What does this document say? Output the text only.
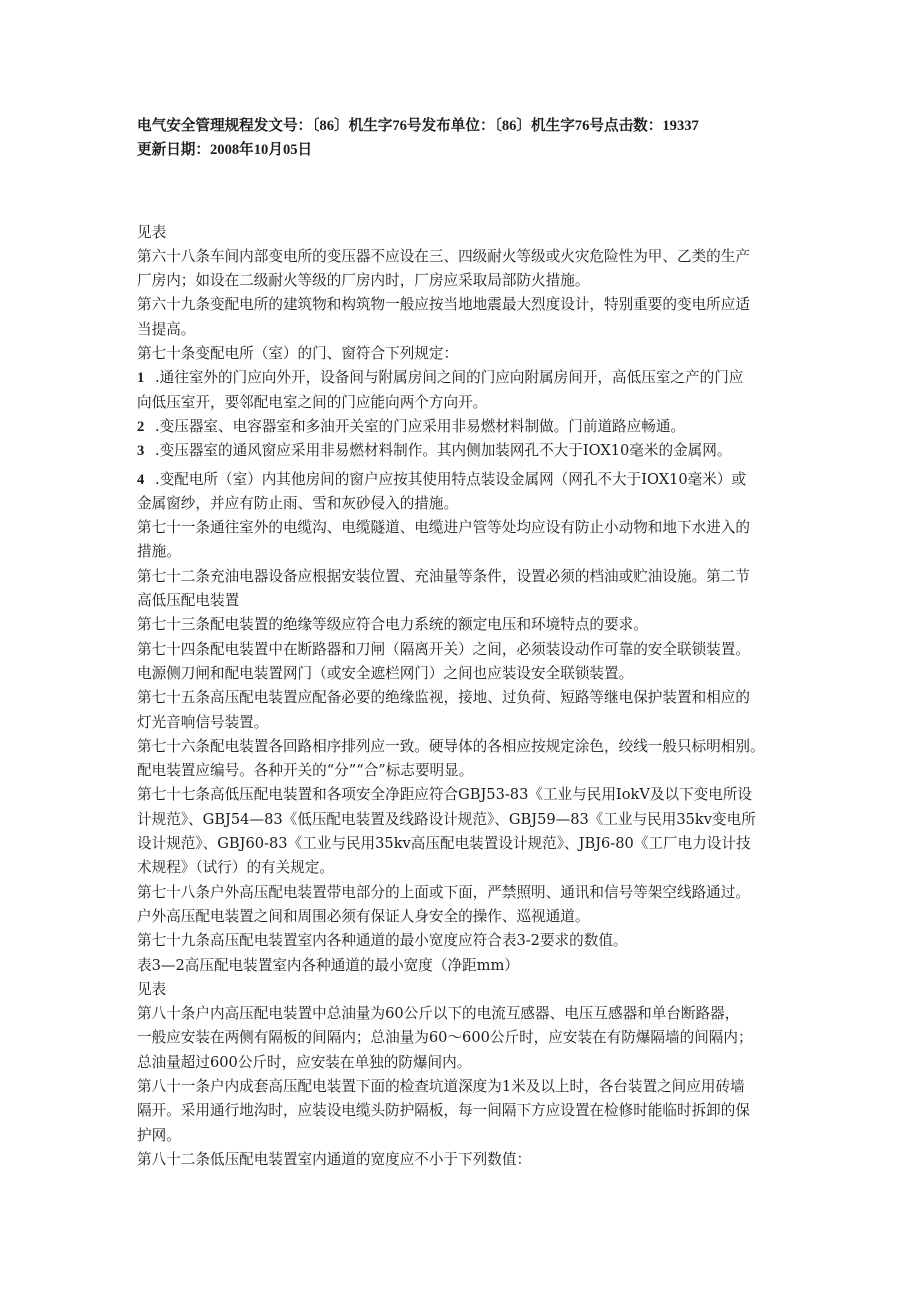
电气安全管理规程发文号：〔86〕机生字76号发布单位：〔86〕机生字76号点击数：19337
更新日期：2008年10月05日
见表
第六十八条车间内部变电所的变压器不应设在三、四级耐火等级或火灾危险性为甲、乙类的生产
厂房内；如设在二级耐火等级的厂房内时，厂房应采取局部防火措施。
第六十九条变配电所的建筑物和构筑物一般应按当地地震最大烈度设计，特别重要的变电所应适
当提高。
第七十条变配电所（室）的门、窗符合下列规定：
1 .通往室外的门应向外开，设备间与附属房间之间的门应向附属房间开，高低压室之产的门应
向低压室开，要邻配电室之间的门应能向两个方向开。
2 .变压器室、电容器室和多油开关室的门应采用非易燃材料制做。门前道路应畅通。
3 .变压器室的通风窗应采用非易燃材料制作。其内侧加装网孔不大于IOX10毫米的金属网。
4 .变配电所（室）内其他房间的窗户应按其使用特点装设金属网（网孔不大于IOX10毫米）或
金属窗纱，并应有防止雨、雪和灰砂侵入的措施。
第七十一条通往室外的电缆沟、电缆隧道、电缆进户管等处均应设有防止小动物和地下水进入的
措施。
第七十二条充油电器设备应根据安装位置、充油量等条件，设置必须的档油或贮油设施。第二节
高低压配电装置
第七十三条配电装置的绝缘等级应符合电力系统的额定电压和环境特点的要求。
第七十四条配电装置中在断路器和刀闸（隔离开关）之间，必须装设动作可靠的安全联锁装置。
电源侧刀闸和配电装置网门（或安全遮栏网门）之间也应装设安全联锁装置。
第七十五条高压配电装置应配备必要的绝缘监视，接地、过负荷、短路等继电保护装置和相应的
灯光音响信号装置。
第七十六条配电装置各回路相序排列应一致。硬导体的各相应按规定涂色，绞线一般只标明相别。
配电装置应编号。各种开关的“分”“合”标志要明显。
第七十七条高低压配电装置和各项安全净距应符合GBJ53-83《工业与民用IokV及以下变电所设
计规范》、GBJ54—83《低压配电装置及线路设计规范》、GBJ59—83《工业与民用35kv变电所
设计规范》、GBJ60-83《工业与民用35kv高压配电装置设计规范》、JBJ6-80《工厂电力设计技
术规程》（试行）的有关规定。
第七十八条户外高压配电装置带电部分的上面或下面，严禁照明、通讯和信号等架空线路通过。
户外高压配电装置之间和周围必须有保证人身安全的操作、巡视通道。
第七十九条高压配电装置室内各种通道的最小宽度应符合表3-2要求的数值。
表3—2高压配电装置室内各种通道的最小宽度（净距mm）
见表
第八十条户内高压配电装置中总油量为60公斤以下的电流互感器、电压互感器和单台断路器，
一般应安装在两侧有隔板的间隔内；总油量为60～600公斤时，应安装在有防爆隔墙的间隔内；
总油量超过600公斤时，应安装在单独的防爆间内。
第八十一条户内成套高压配电装置下面的检查坑道深度为1米及以上时，各台装置之间应用砖墙
隔开。采用通行地沟时，应装设电缆头防护隔板，每一间隔下方应设置在检修时能临时拆卸的保
护网。
第八十二条低压配电装置室内通道的宽度应不小于下列数值：
